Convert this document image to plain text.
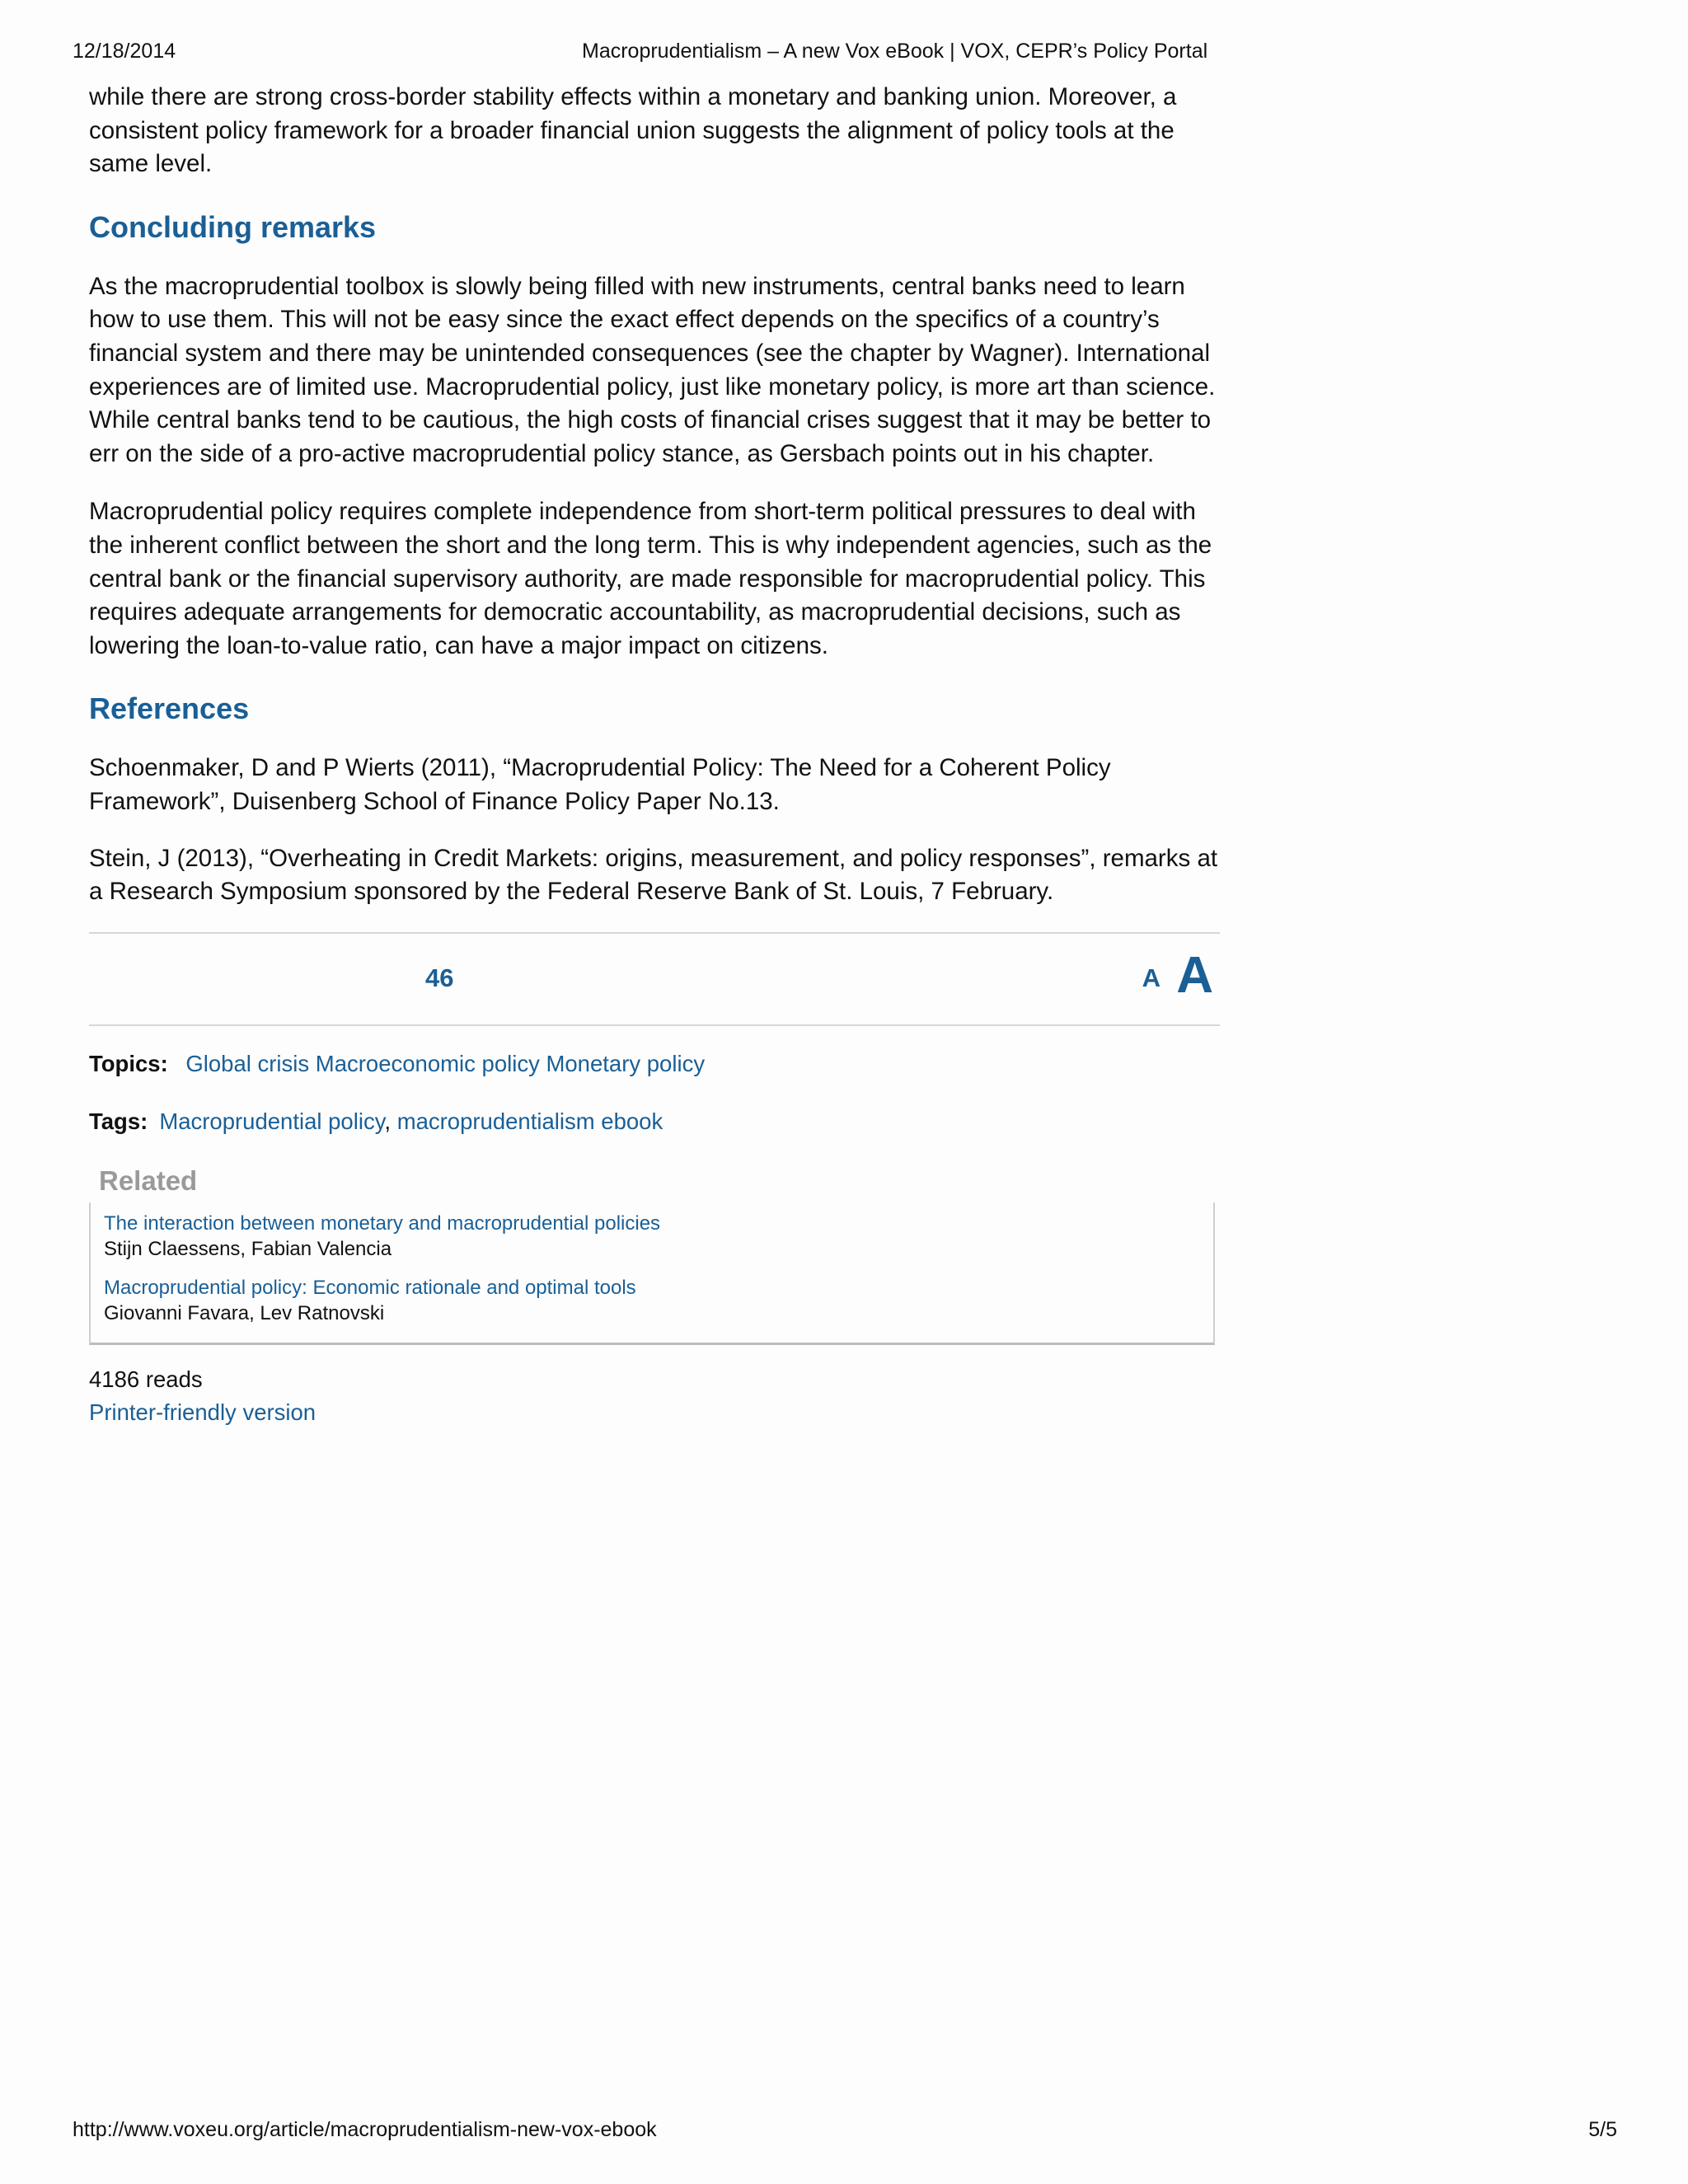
12/18/2014	Macroprudentialism – A new Vox eBook | VOX, CEPR’s Policy Portal

while there are strong cross-border stability effects within a monetary and banking union. Moreover, a consistent policy framework for a broader financial union suggests the alignment of policy tools at the same level.

Concluding remarks

As the macroprudential toolbox is slowly being filled with new instruments, central banks need to learn how to use them. This will not be easy since the exact effect depends on the specifics of a country’s financial system and there may be unintended consequences (see the chapter by Wagner). International experiences are of limited use. Macroprudential policy, just like monetary policy, is more art than science. While central banks tend to be cautious, the high costs of financial crises suggest that it may be better to err on the side of a pro-active macroprudential policy stance, as Gersbach points out in his chapter.

Macroprudential policy requires complete independence from short-term political pressures to deal with the inherent conflict between the short and the long term. This is why independent agencies, such as the central bank or the financial supervisory authority, are made responsible for macroprudential policy. This requires adequate arrangements for democratic accountability, as macroprudential decisions, such as lowering the loan-to-value ratio, can have a major impact on citizens.

References
Schoenmaker, D and P Wierts (2011), “Macroprudential Policy: The Need for a Coherent Policy Framework”, Duisenberg School of Finance Policy Paper No.13.
Stein, J (2013), “Overheating in Credit Markets: origins, measurement, and policy responses”, remarks at a Research Symposium sponsored by the Federal Reserve Bank of St. Louis, 7 February.
46	A A
Topics: Global crisis Macroeconomic policy Monetary policy
Tags: Macroprudential policy, macroprudentialism ebook
Related
The interaction between monetary and macroprudential policies
Stijn Claessens, Fabian Valencia
Macroprudential policy: Economic rationale and optimal tools
Giovanni Favara, Lev Ratnovski
4186 reads
Printer-friendly version
http://www.voxeu.org/article/macroprudentialism-new-vox-ebook	5/5
